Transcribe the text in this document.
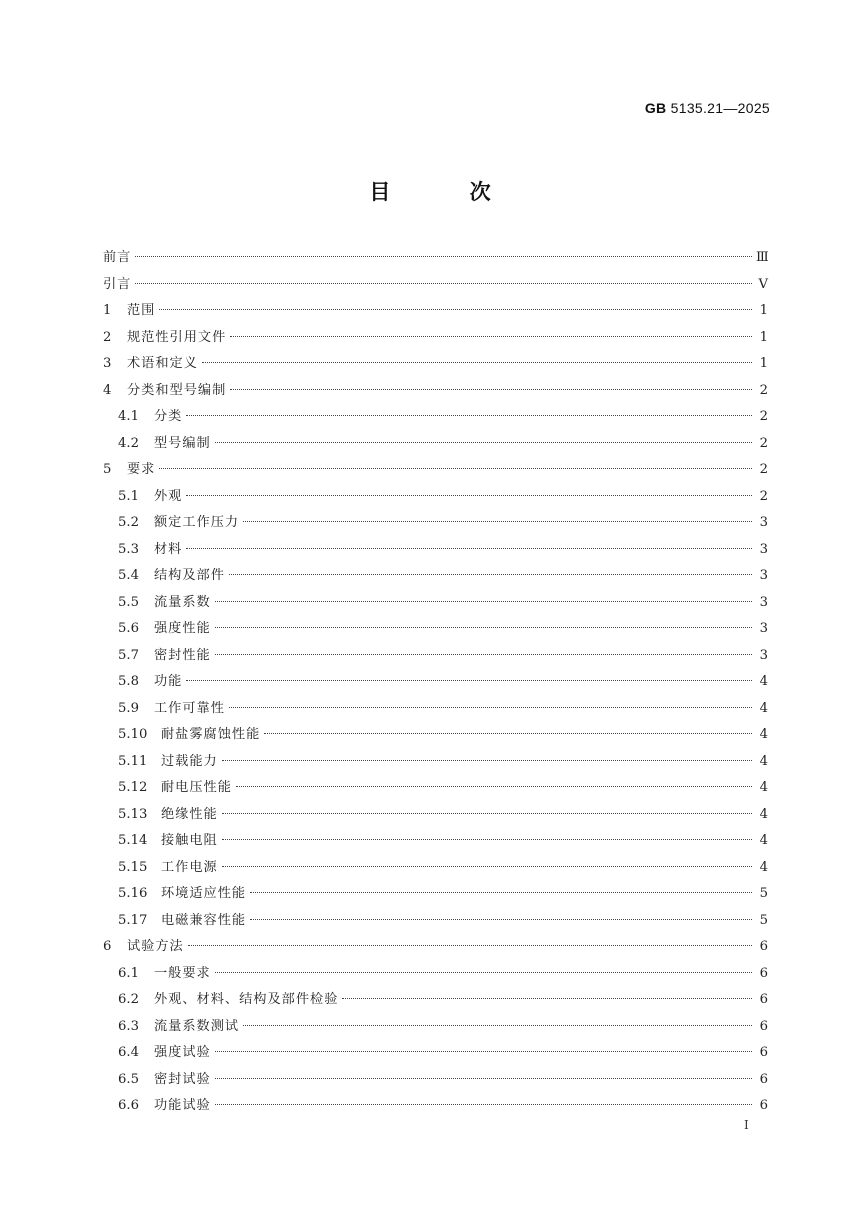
GB 5135.21—2025
目 次
前言	Ⅲ
引言	Ⅴ
1	范围	1
2	规范性引用文件	1
3	术语和定义	1
4	分类和型号编制	2
4.1	分类	2
4.2	型号编制	2
5	要求	2
5.1	外观	2
5.2	额定工作压力	3
5.3	材料	3
5.4	结构及部件	3
5.5	流量系数	3
5.6	强度性能	3
5.7	密封性能	3
5.8	功能	4
5.9	工作可靠性	4
5.10	耐盐雾腐蚀性能	4
5.11	过载能力	4
5.12	耐电压性能	4
5.13	绝缘性能	4
5.14	接触电阻	4
5.15	工作电源	4
5.16	环境适应性能	5
5.17	电磁兼容性能	5
6	试验方法	6
6.1	一般要求	6
6.2	外观、材料、结构及部件检验	6
6.3	流量系数测试	6
6.4	强度试验	6
6.5	密封试验	6
6.6	功能试验	6
I
